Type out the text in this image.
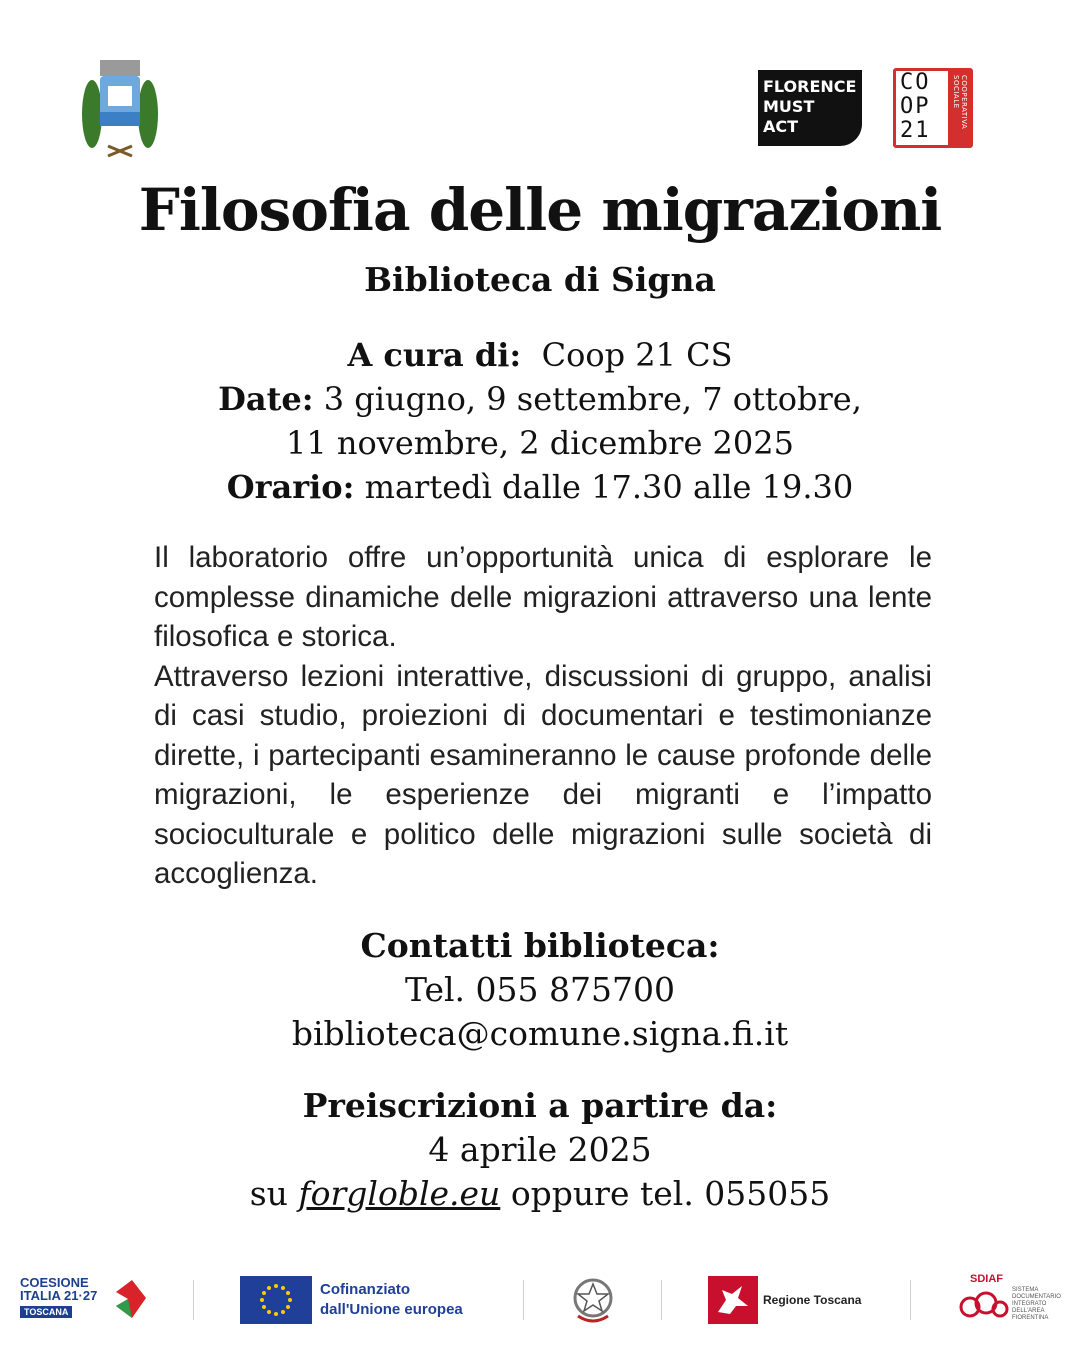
FLORENCE
MUST
ACT
CO
OP
21
COOPERATIVA SOCIALE
Filosofia delle migrazioni
Biblioteca di Signa
A cura di: Coop 21 CS
Date: 3 giugno, 9 settembre, 7 ottobre,
11 novembre, 2 dicembre 2025
Orario: martedì dalle 17.30 alle 19.30

Il laboratorio offre un’opportunità unica di esplorare le complesse dinamiche delle migrazioni attraverso una lente filosofica e storica.

Attraverso lezioni interattive, discussioni di gruppo, analisi di casi studio, proiezioni di documentari e testimonianze dirette, i partecipanti esamineranno le cause profonde delle migrazioni, le esperienze dei migranti e l’impatto socioculturale e politico delle migrazioni sulle società di accoglienza.

Contatti biblioteca:
Tel. 055 875700
biblioteca@comune.signa.fi.it
Preiscrizioni a partire da:
4 aprile 2025
su forgloble.eu oppure tel. 055055
COESIONE
ITALIA 21·27
TOSCANA
Cofinanziato
dall'Unione europea
Regione Toscana
SDIAF
SISTEMA DOCUMENTARIO INTEGRATO DELL'AREA FIORENTINA
